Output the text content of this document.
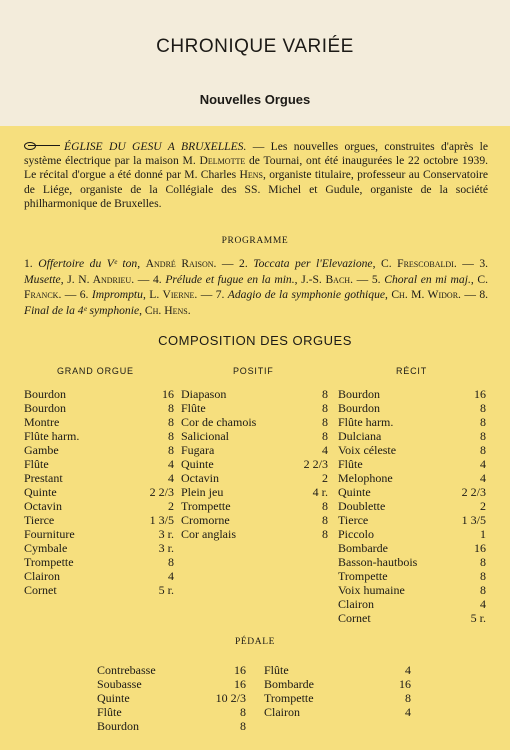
CHRONIQUE VARIÉE
Nouvelles Orgues
ÉGLISE DU GESU A BRUXELLES. — Les nouvelles orgues, construites d'après le système électrique par la maison M. Delmotte de Tournai, ont été inaugurées le 22 octobre 1939. Le récital d'orgue a été donné par M. Charles Hens, organiste titulaire, professeur au Conservatoire de Liége, organiste de la Collégiale des SS. Michel et Gudule, organiste de la société philharmonique de Bruxelles.
PROGRAMME
1. Offertoire du Vᵉ ton, André Raison. — 2. Toccata per l'Elevazione, C. Frescobaldi. — 3. Musette, J. N. Andrieu. — 4. Prélude et fugue en la min., J.-S. Bach. — 5. Choral en mi maj., C. Franck. — 6. Impromptu, L. Vierne. — 7. Adagio de la symphonie gothique, Ch. M. Widor. — 8. Final de la 4ᵉ symphonie, Ch. Hens.
COMPOSITION DES ORGUES
GRAND ORGUE	POSITIF	RÉCIT
Bourdon	16
Bourdon	8
Montre	8
Flûte harm.	8
Gambe	8
Flûte	4
Prestant	4
Quinte	2 2/3
Octavin	2
Tierce	1 3/5
Fourniture	3 r.
Cymbale	3 r.
Trompette	8
Clairon	4
Cornet	5 r.
Diapason	8
Flûte	8
Cor de chamois	8
Salicional	8
Fugara	4
Quinte	2 2/3
Octavin	2
Plein jeu	4 r.
Trompette	8
Cromorne	8
Cor anglais	8
Bourdon	16
Bourdon	8
Flûte harm.	8
Dulciana	8
Voix céleste	8
Flûte	4
Melophone	4
Quinte	2 2/3
Doublette	2
Tierce	1 3/5
Piccolo	1
Bombarde	16
Basson-hautbois	8
Trompette	8
Voix humaine	8
Clairon	4
Cornet	5 r.
PÉDALE
Contrebasse	16
Soubasse	16
Quinte	10 2/3
Flûte	8
Bourdon	8
Flûte	4
Bombarde	16
Trompette	8
Clairon	4
